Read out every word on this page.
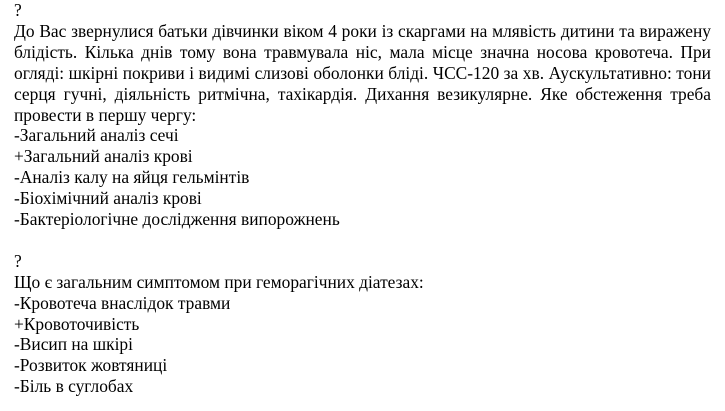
?

До Вас звернулися батьки дівчинки віком 4 роки із скаргами на млявість дитини та виражену блідість. Кілька днів тому вона травмувала ніс, мала місце значна носова кровотеча. При огляді: шкірні покриви і видимі слизові оболонки бліді. ЧСС-120 за хв. Аускультативно: тони серця гучні, діяльність ритмічна, тахікардія. Дихання везикулярне. Яке обстеження треба провести в першу чергу:

-Загальний аналіз сечі
+Загальний аналіз крові
-Аналіз калу на яйця гельмінтів
-Біохімічний аналіз крові
-Бактеріологічне дослідження випорожнень
?

Що є загальним симптомом при геморагічних діатезах:

-Кровотеча внаслідок травми
+Кровоточивість
-Висип на шкірі
-Розвиток жовтяниці
-Біль в суглобах
